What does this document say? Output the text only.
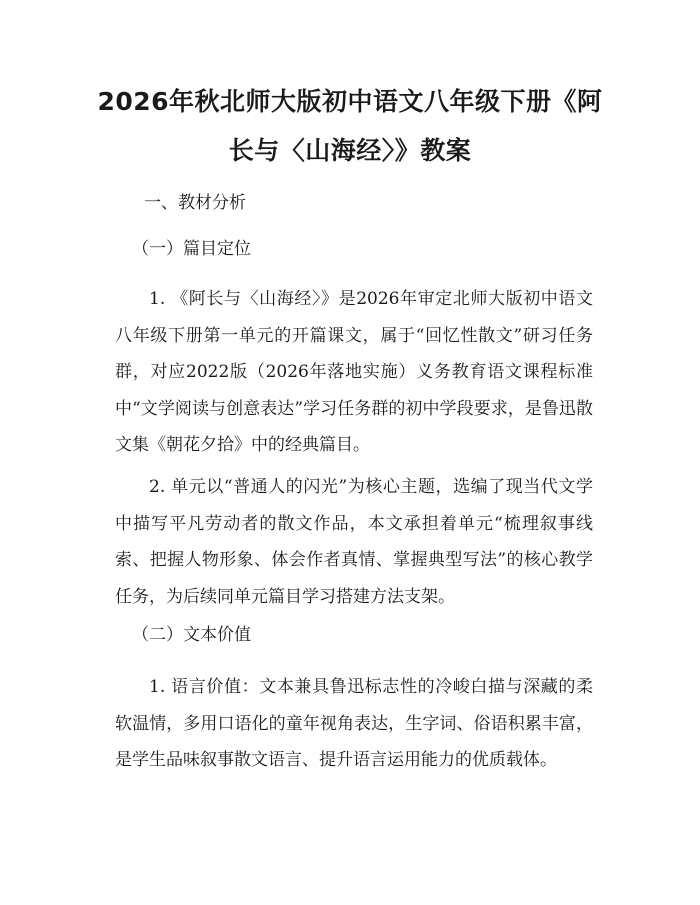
2026年秋北师大版初中语文八年级下册《阿
长与〈山海经〉》教案

一、教材分析

（一）篇目定位

1. 《阿长与〈山海经〉》是2026年审定北师大版初中语文八年级下册第一单元的开篇课文，属于“回忆性散文”研习任务群，对应2022版（2026年落地实施）义务教育语文课程标准中“文学阅读与创意表达”学习任务群的初中学段要求，是鲁迅散文集《朝花夕拾》中的经典篇目。

2. 单元以“普通人的闪光”为核心主题，选编了现当代文学中描写平凡劳动者的散文作品，本文承担着单元“梳理叙事线索、把握人物形象、体会作者真情、掌握典型写法”的核心教学任务，为后续同单元篇目学习搭建方法支架。

（二）文本价值

1. 语言价值：文本兼具鲁迅标志性的冷峻白描与深藏的柔软温情，多用口语化的童年视角表达，生字词、俗语积累丰富，是学生品味叙事散文语言、提升语言运用能力的优质载体。
